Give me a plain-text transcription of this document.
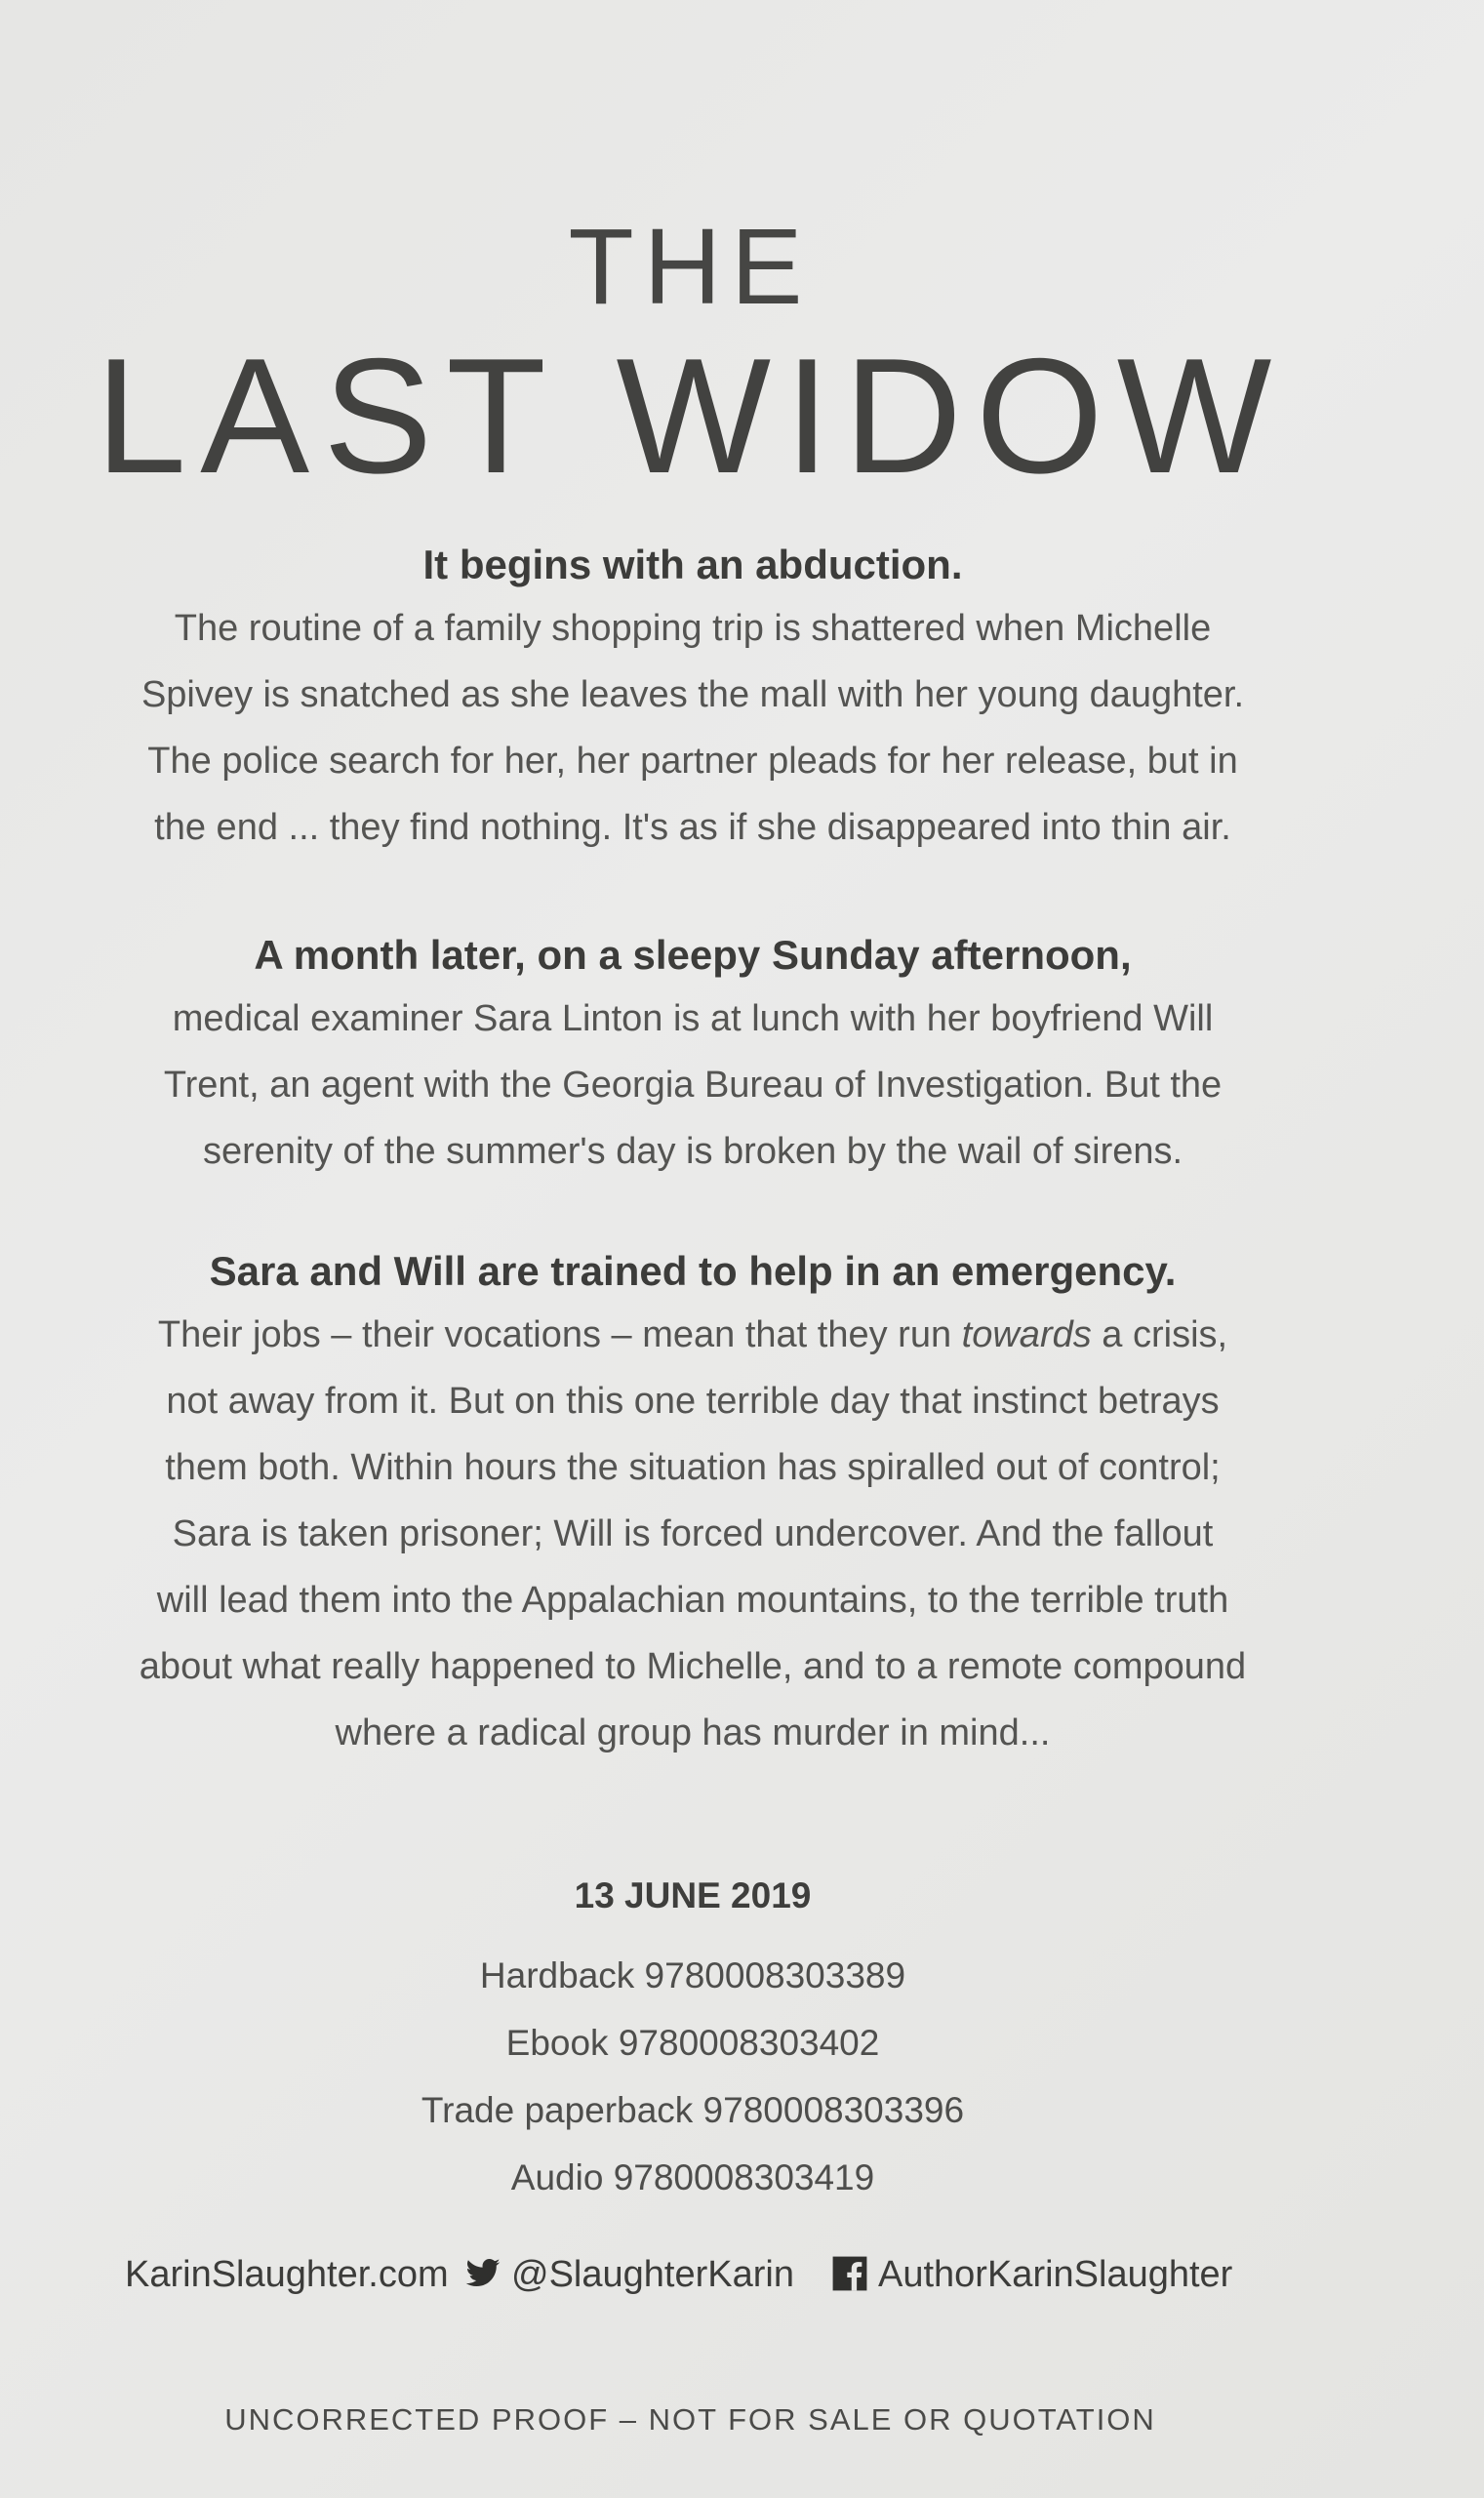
THE
LAST WIDOW
It begins with an abduction.
The routine of a family shopping trip is shattered when Michelle
Spivey is snatched as she leaves the mall with her young daughter.
The police search for her, her partner pleads for her release, but in
the end ... they find nothing. It's as if she disappeared into thin air.
A month later, on a sleepy Sunday afternoon,
medical examiner Sara Linton is at lunch with her boyfriend Will
Trent, an agent with the Georgia Bureau of Investigation. But the
serenity of the summer's day is broken by the wail of sirens.
Sara and Will are trained to help in an emergency.
Their jobs – their vocations – mean that they run towards a crisis,
not away from it. But on this one terrible day that instinct betrays
them both. Within hours the situation has spiralled out of control;
Sara is taken prisoner; Will is forced undercover. And the fallout
will lead them into the Appalachian mountains, to the terrible truth
about what really happened to Michelle, and to a remote compound
where a radical group has murder in mind...
13 JUNE 2019
Hardback 9780008303389
Ebook 9780008303402
Trade paperback 9780008303396
Audio 9780008303419
KarinSlaughter.com	@SlaughterKarin	AuthorKarinSlaughter
UNCORRECTED PROOF – NOT FOR SALE OR QUOTATION
